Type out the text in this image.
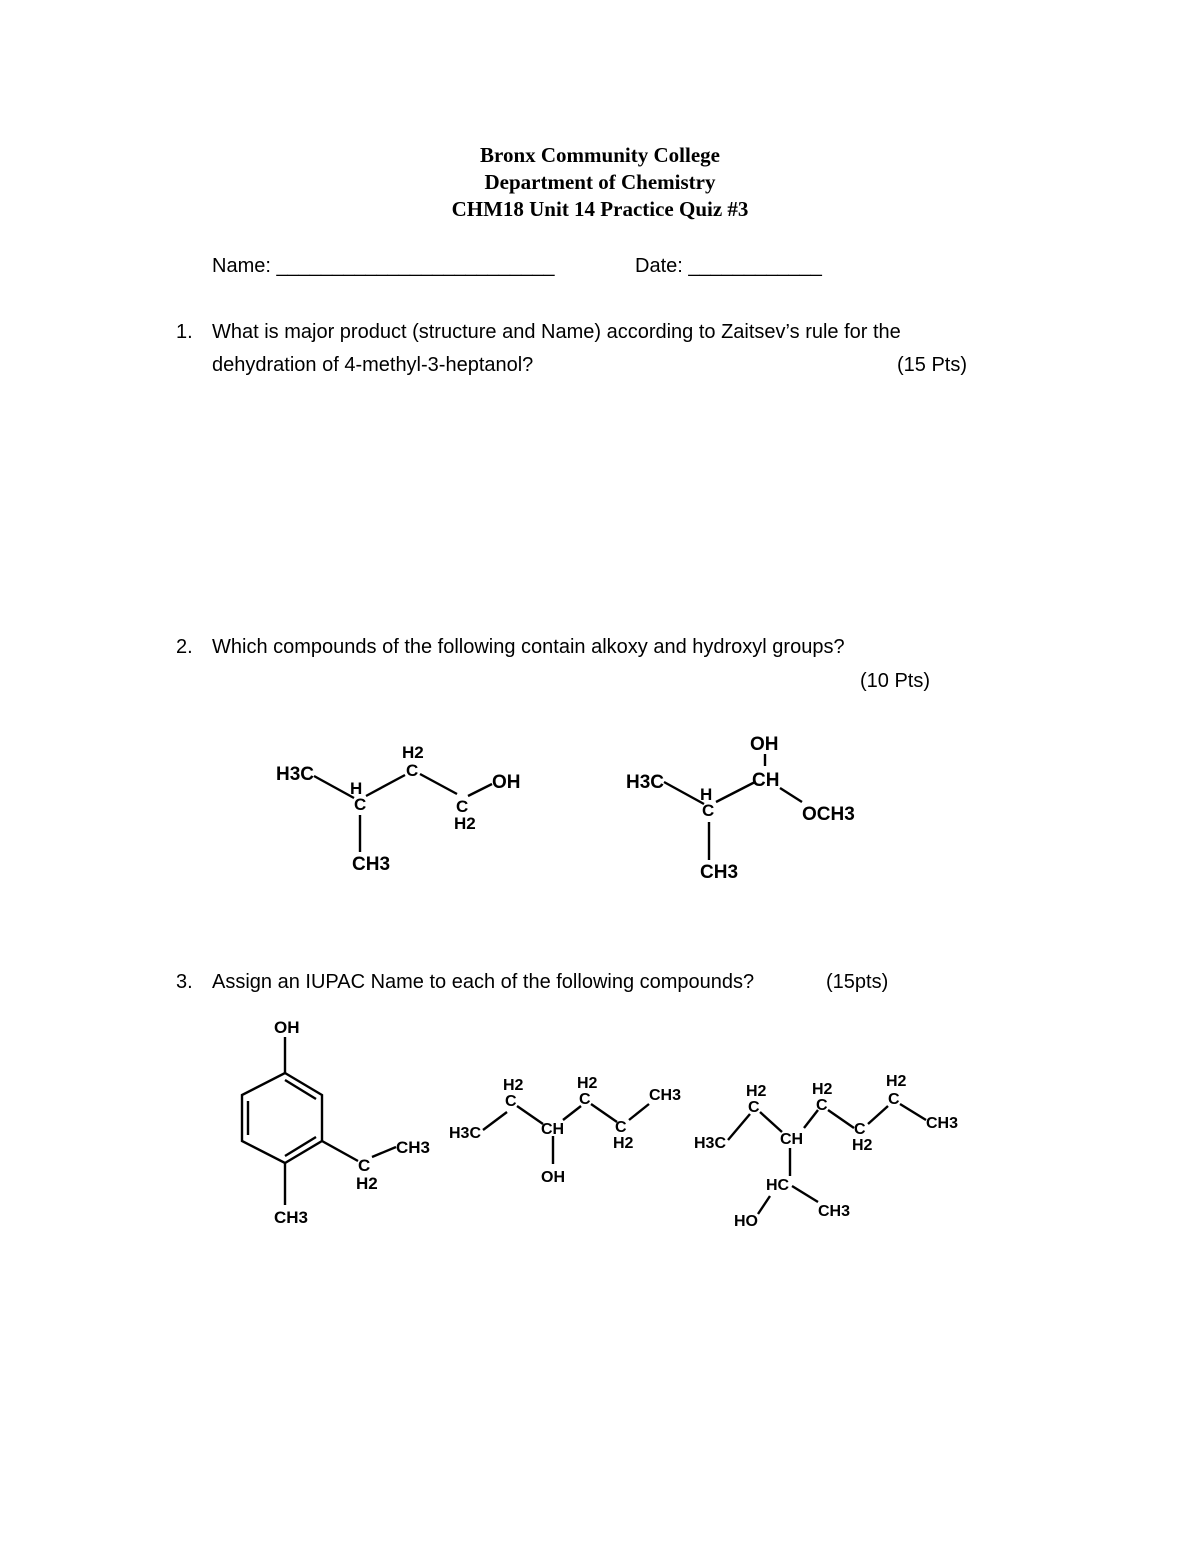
Bronx Community College
Department of Chemistry
CHM18 Unit 14 Practice Quiz #3
Name: _________________________	Date: ____________
1. What is major product (structure and Name) according to Zaitsev’s rule for the
dehydration of 4-methyl-3-heptanol?	(15 Pts)
2. Which compounds of the following contain alkoxy and hydroxyl groups?
(10 Pts)
H3C
H
C
H2
C
C
H2
OH
CH3
H3C
H
C
OH
CH
OCH3
CH3
3. Assign an IUPAC Name to each of the following compounds?	(15pts)
OH
CH3
C
H2
CH3
H3C
H2
C
CH
OH
H2
C
C
H2
CH3
H3C
H2
C
CH
HC
HO
CH3
H2
C
C
H2
H2
C
CH3
